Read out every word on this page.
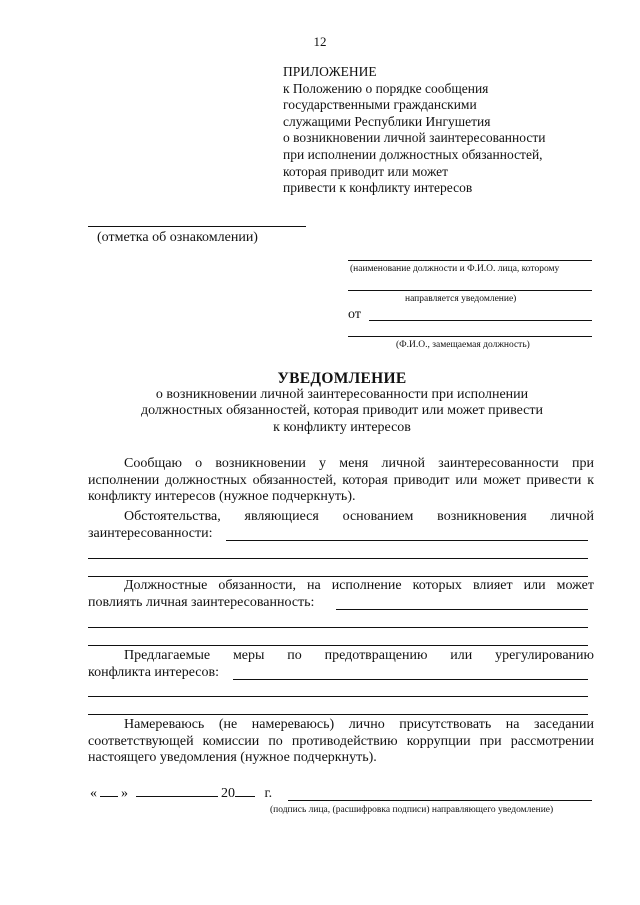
12
ПРИЛОЖЕНИЕ
к Положению о порядке сообщения
государственными гражданскими
служащими Республики Ингушетия
о возникновении личной заинтересованности
при исполнении должностных обязанностей,
которая приводит или может
привести к конфликту интересов
(отметка об ознакомлении)
(наименование должности и Ф.И.О. лица, которому
направляется уведомление)
от
(Ф.И.О., замещаемая должность)
УВЕДОМЛЕНИЕ
о возникновении личной заинтересованности при исполнении
должностных обязанностей, которая приводит или может привести
к конфликту интересов
Сообщаю о возникновении у меня личной заинтересованности при исполнении должностных обязанностей, которая приводит или может привести к конфликту интересов (нужное подчеркнуть).
Обстоятельства, являющиеся основанием возникновения личной
заинтересованности:
Должностные обязанности, на исполнение которых влияет или может
повлиять личная заинтересованность:
Предлагаемые меры по предотвращению или урегулированию
конфликта интересов:
Намереваюсь (не намереваюсь) лично присутствовать на заседании соответствующей комиссии по противодействию коррупции при рассмотрении настоящего уведомления (нужное подчеркнуть).
« »	20 г.
(подпись лица, (расшифровка подписи) направляющего уведомление)
